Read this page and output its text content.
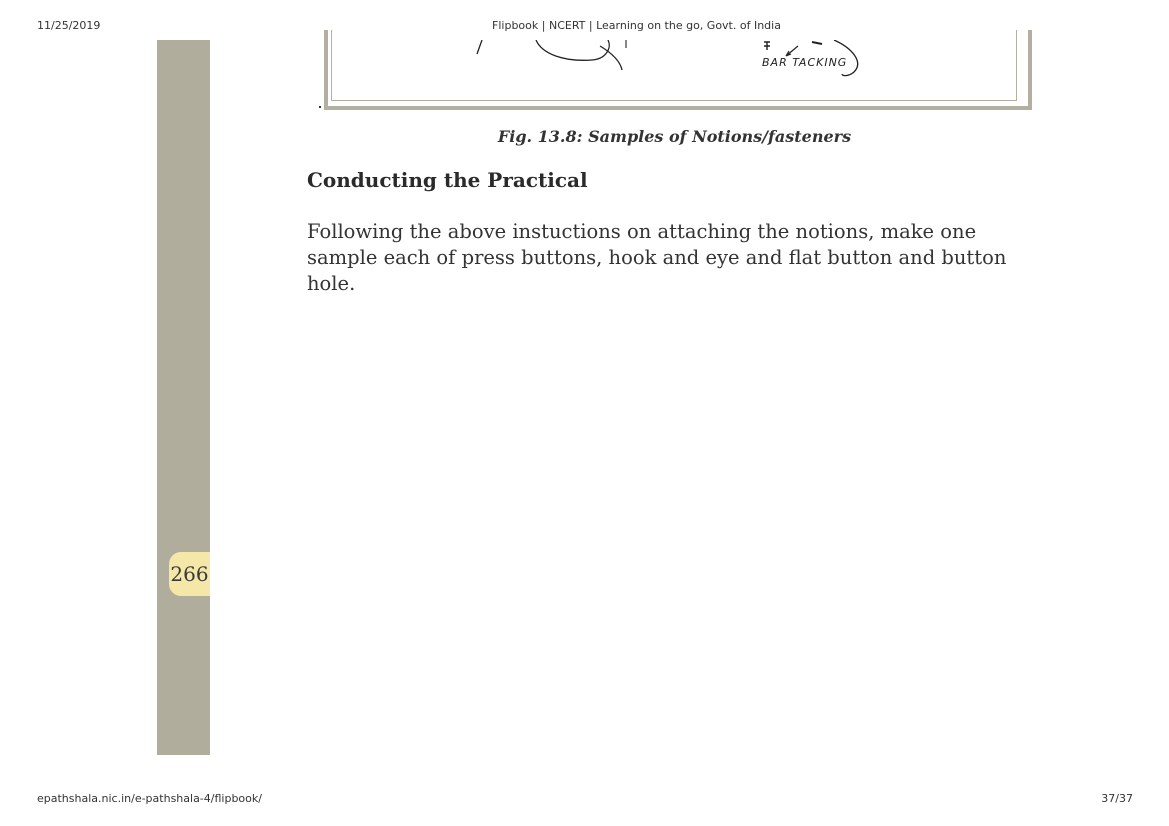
11/25/2019	Flipbook | NCERT | Learning on the go, Govt. of India
266
BAR TACKING
Fig. 13.8: Samples of Notions/fasteners
Conducting the Practical
Following the above instuctions on attaching the notions, make one sample each of press buttons, hook and eye and flat button and button hole.
epathshala.nic.in/e-pathshala-4/flipbook/	37/37
